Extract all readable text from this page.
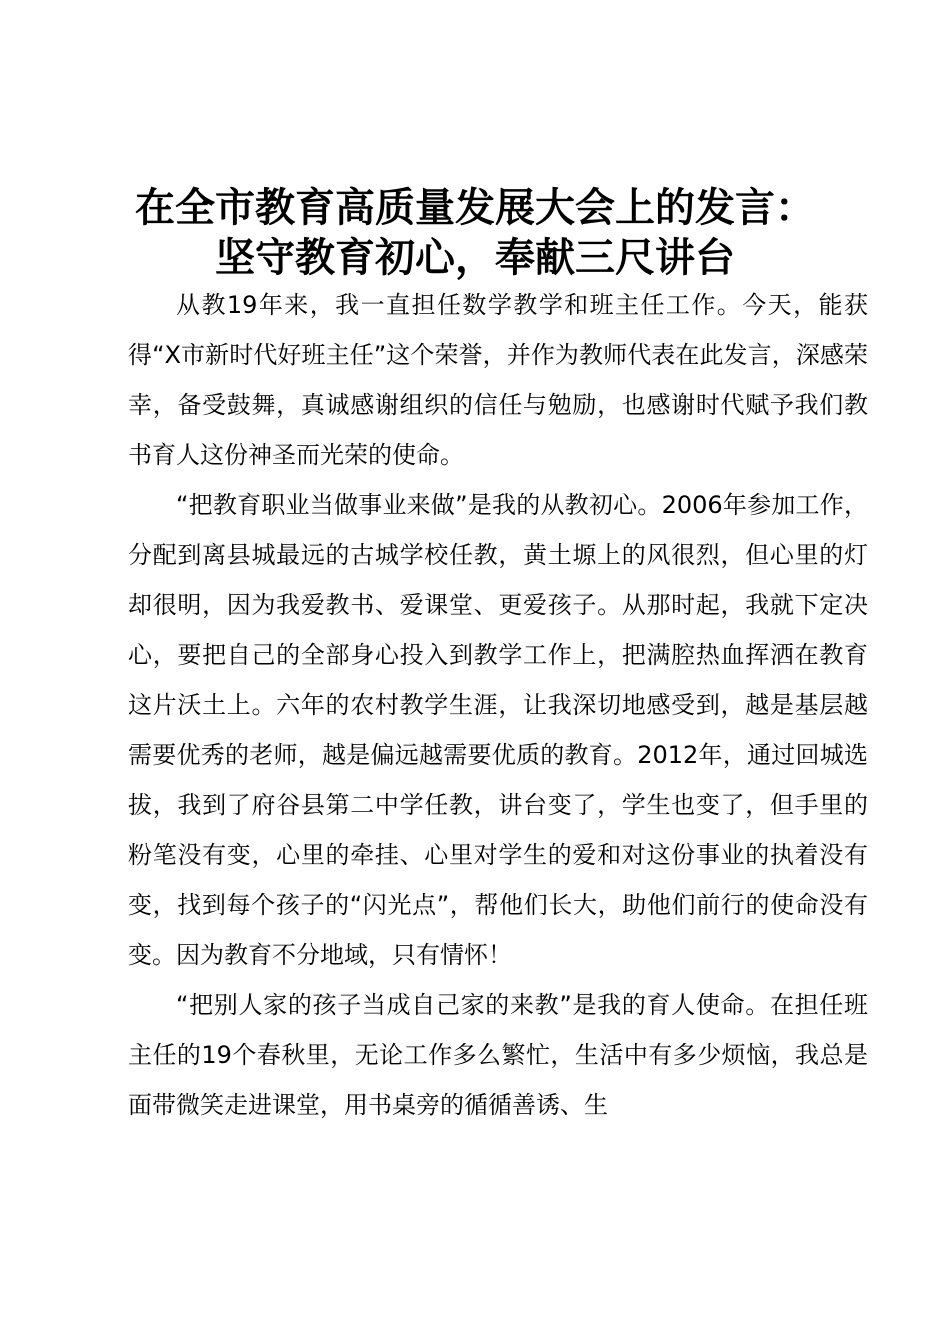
在全市教育高质量发展大会上的发言：
坚守教育初心，奉献三尺讲台

从教19年来，我一直担任数学教学和班主任工作。今天，能获得“X市新时代好班主任”这个荣誉，并作为教师代表在此发言，深感荣幸，备受鼓舞，真诚感谢组织的信任与勉励，也感谢时代赋予我们教书育人这份神圣而光荣的使命。

“把教育职业当做事业来做”是我的从教初心。2006年参加工作，分配到离县城最远的古城学校任教，黄土塬上的风很烈，但心里的灯却很明，因为我爱教书、爱课堂、更爱孩子。从那时起，我就下定决心，要把自己的全部身心投入到教学工作上，把满腔热血挥洒在教育这片沃土上。六年的农村教学生涯，让我深切地感受到，越是基层越需要优秀的老师，越是偏远越需要优质的教育。2012年，通过回城选拔，我到了府谷县第二中学任教，讲台变了，学生也变了，但手里的粉笔没有变，心里的牵挂、心里对学生的爱和对这份事业的执着没有变，找到每个孩子的“闪光点”，帮他们长大，助他们前行的使命没有变。因为教育不分地域，只有情怀！

“把别人家的孩子当成自己家的来教”是我的育人使命。在担任班主任的19个春秋里，无论工作多么繁忙，生活中有多少烦恼，我总是面带微笑走进课堂，用书桌旁的循循善诱、生
